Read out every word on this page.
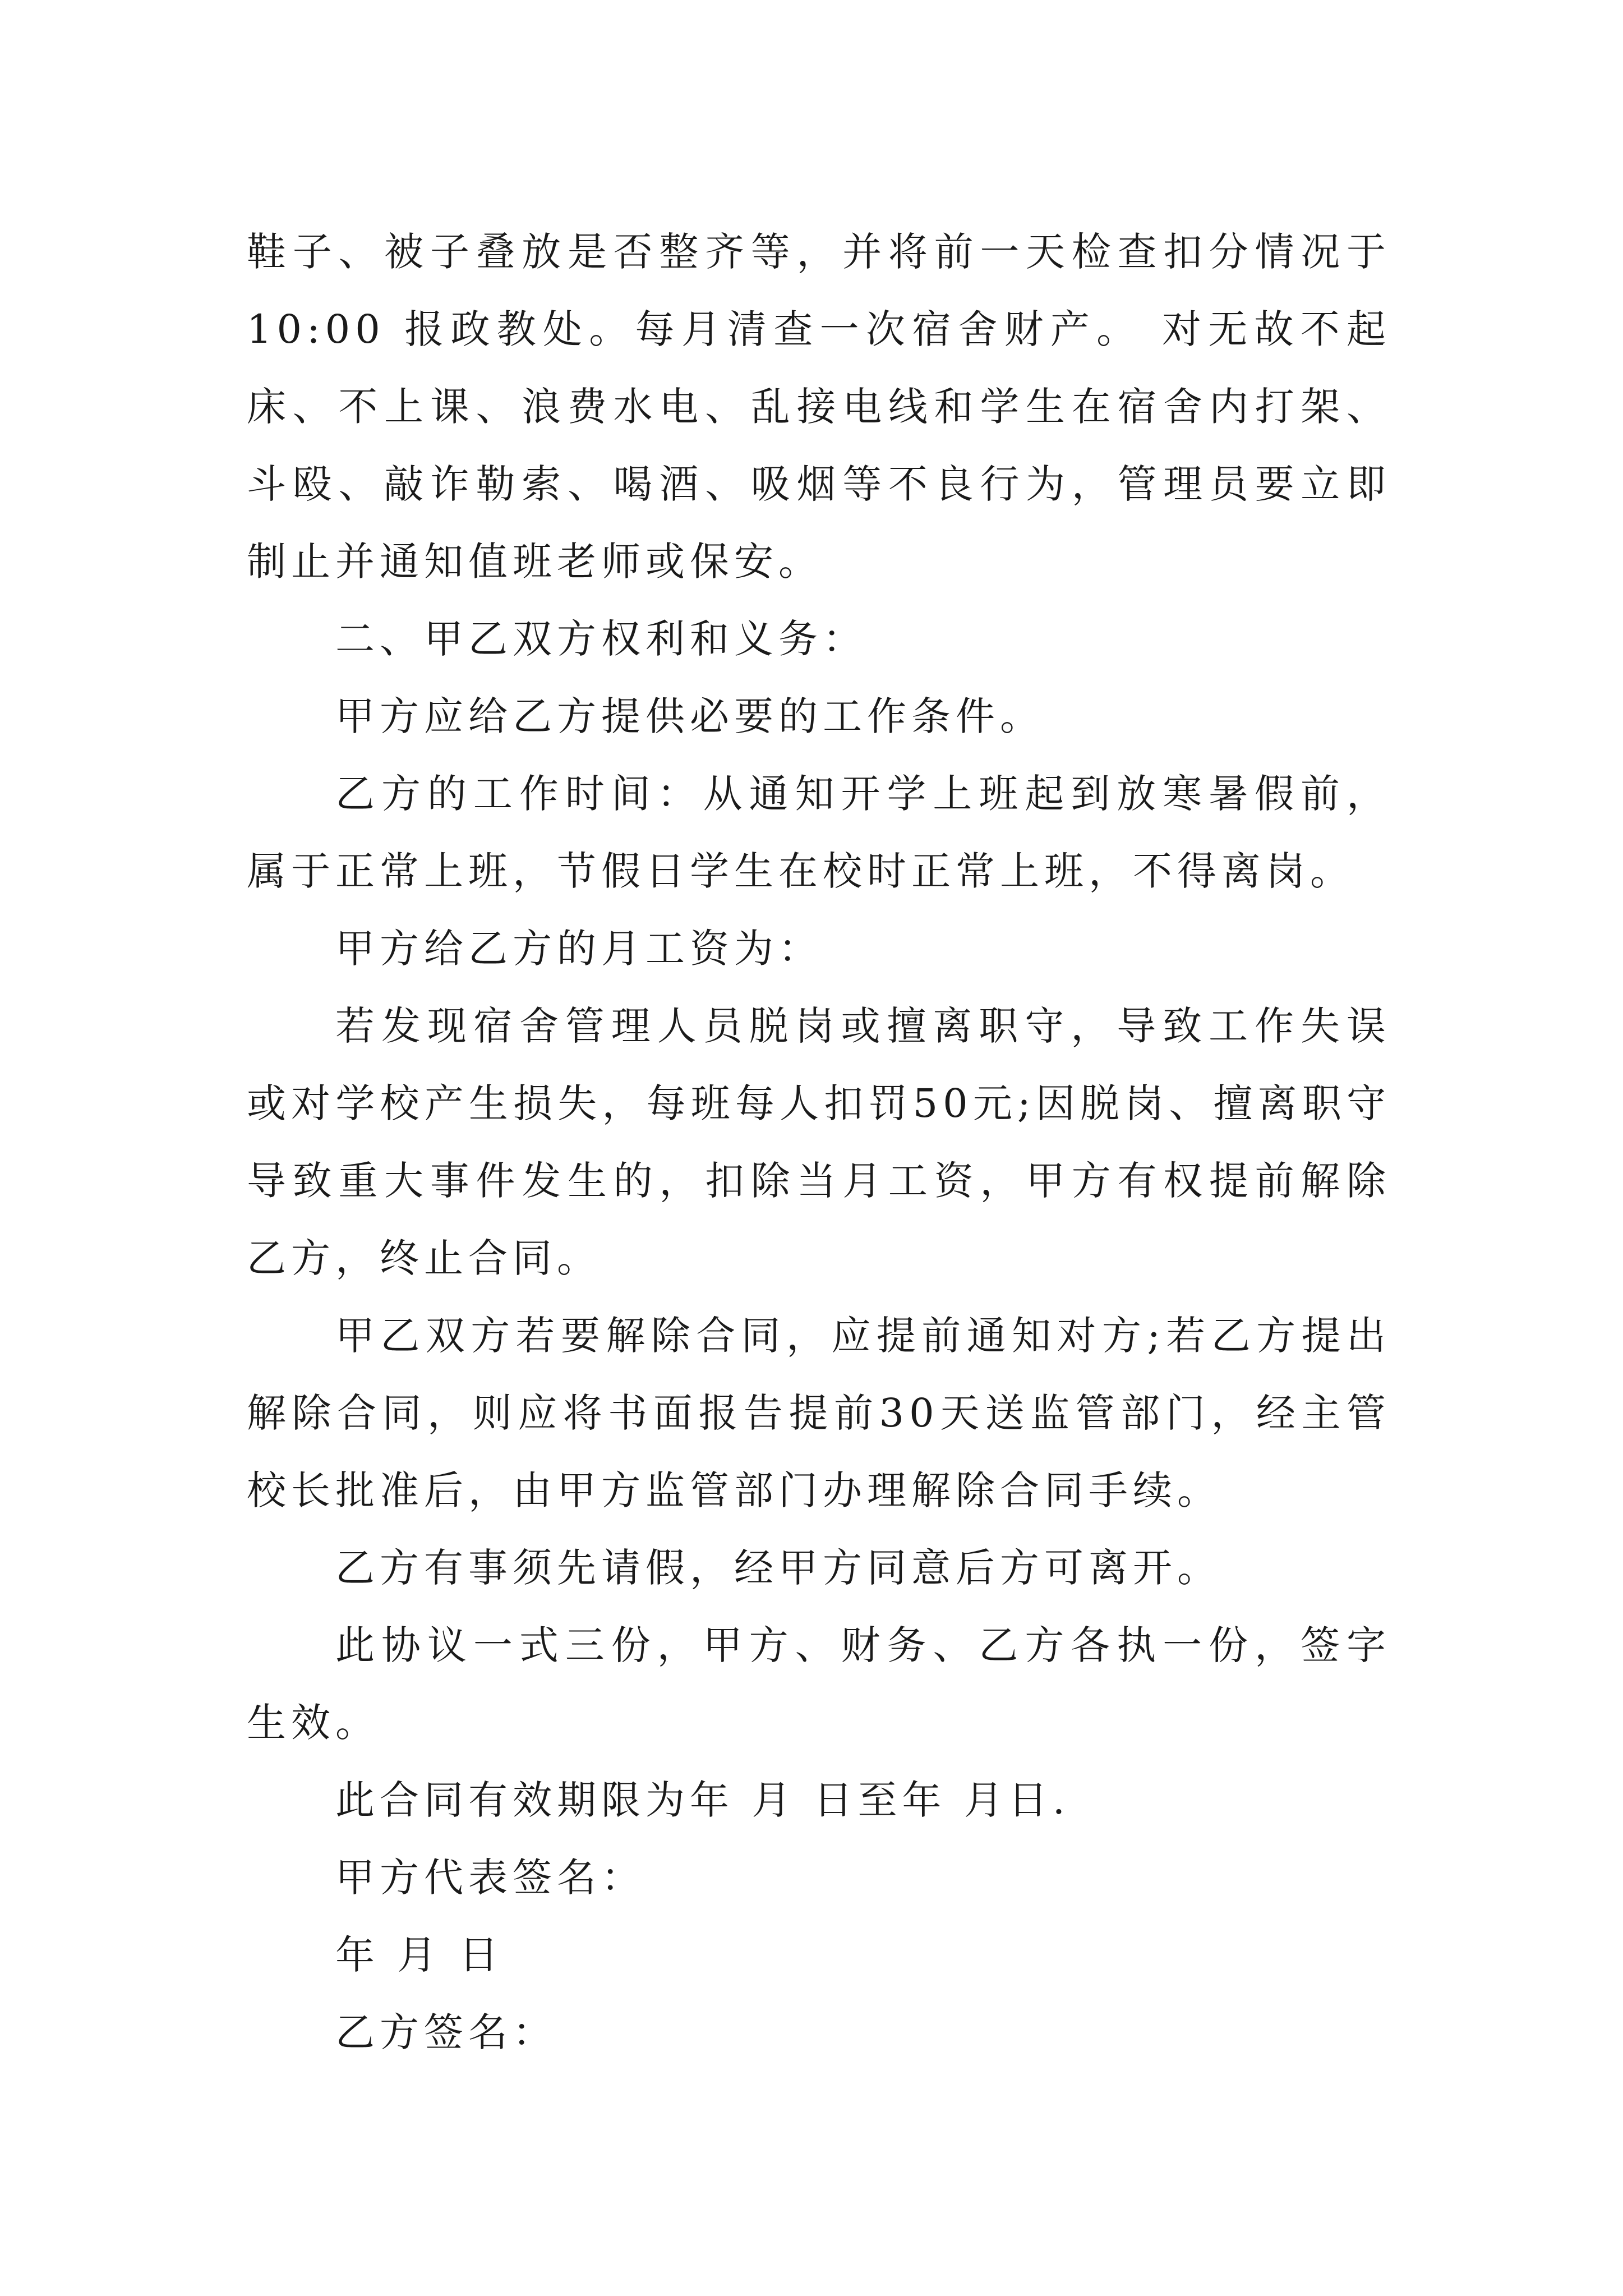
鞋子、被子叠放是否整齐等，并将前一天检查扣分情况于10:00 报政教处。每月清查一次宿舍财产。 对无故不起床、不上课、浪费水电、乱接电线和学生在宿舍内打架、斗殴、敲诈勒索、喝酒、吸烟等不良行为，管理员要立即制止并通知值班老师或保安。

二、甲乙双方权利和义务：

甲方应给乙方提供必要的工作条件。

乙方的工作时间：从通知开学上班起到放寒暑假前，属于正常上班，节假日学生在校时正常上班，不得离岗。

甲方给乙方的月工资为：

若发现宿舍管理人员脱岗或擅离职守，导致工作失误或对学校产生损失，每班每人扣罚50元;因脱岗、擅离职守导致重大事件发生的，扣除当月工资，甲方有权提前解除乙方，终止合同。

甲乙双方若要解除合同，应提前通知对方;若乙方提出解除合同，则应将书面报告提前30天送监管部门，经主管校长批准后，由甲方监管部门办理解除合同手续。

乙方有事须先请假，经甲方同意后方可离开。

此协议一式三份，甲方、财务、乙方各执一份，签字生效。

此合同有效期限为年 月 日至年 月日.

甲方代表签名：

年 月 日

乙方签名：
